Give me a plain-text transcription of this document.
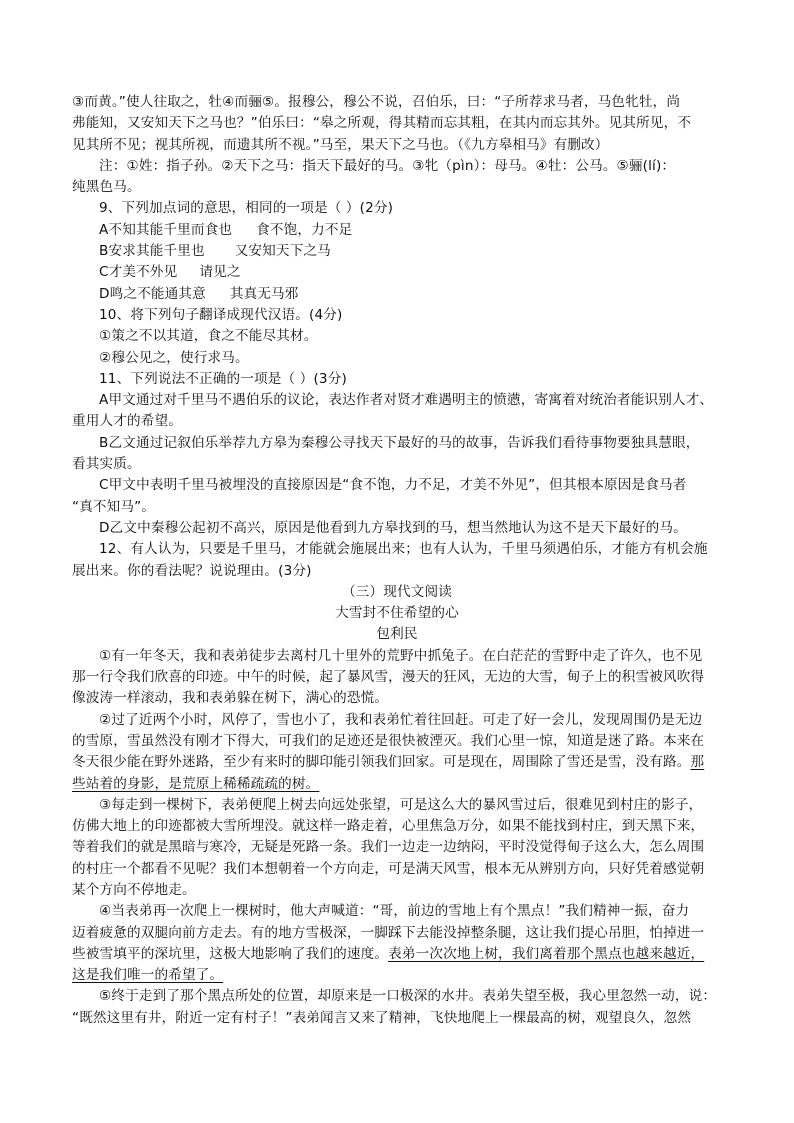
③而黄。”使人往取之，牡④而骊⑤。报穆公，穆公不说，召伯乐，曰：“子所荐求马者，马色牝牡，尚
弗能知，又安知天下之马也？”伯乐曰：“皋之所观，得其精而忘其粗，在其内而忘其外。见其所见，不
见其所不见；视其所视，而遗其所不视。”马至，果天下之马也。（《九方皋相马》有删改）
注：①姓：指子孙。②天下之马：指天下最好的马。③牝（pìn）：母马。④牡：公马。⑤骊(lí)：
纯黑色马。
9、下列加点词的意思，相同的一项是（ ）(2分)
A不知其能千里而食也 食不饱，力不足
B安求其能千里也 又安知天下之马
C才美不外见 请见之
D鸣之不能通其意 其真无马邪
10、将下列句子翻译成现代汉语。(4分)
①策之不以其道，食之不能尽其材。
②穆公见之，使行求马。
11、下列说法不正确的一项是（ ）(3分)
A甲文通过对千里马不遇伯乐的议论，表达作者对贤才难遇明主的愤懑，寄寓着对统治者能识别人才、
重用人才的希望。
B乙文通过记叙伯乐举荐九方皋为秦穆公寻找天下最好的马的故事，告诉我们看待事物要独具慧眼，
看其实质。
C甲文中表明千里马被埋没的直接原因是“食不饱，力不足，才美不外见”，但其根本原因是食马者
“真不知马”。
D乙文中秦穆公起初不高兴，原因是他看到九方皋找到的马，想当然地认为这不是天下最好的马。
12、有人认为，只要是千里马，才能就会施展出来；也有人认为，千里马须遇伯乐，才能方有机会施
展出来。你的看法呢？说说理由。(3分)
（三）现代文阅读
大雪封不住希望的心
包利民
①有一年冬天，我和表弟徒步去离村几十里外的荒野中抓兔子。在白茫茫的雪野中走了许久，也不见
那一行令我们欣喜的印迹。中午的时候，起了暴风雪，漫天的狂风，无边的大雪，甸子上的积雪被风吹得
像波涛一样滚动，我和表弟躲在树下，满心的恐慌。
②过了近两个小时，风停了，雪也小了，我和表弟忙着往回赶。可走了好一会儿，发现周围仍是无边
的雪原，雪虽然没有刚才下得大，可我们的足迹还是很快被湮灭。我们心里一惊，知道是迷了路。本来在
冬天很少能在野外迷路，至少有来时的脚印能引领我们回家。可是现在，周围除了雪还是雪，没有路。那
些站着的身影，是荒原上稀稀疏疏的树。
③每走到一棵树下，表弟便爬上树去向远处张望，可是这么大的暴风雪过后，很难见到村庄的影子，
仿佛大地上的印迹都被大雪所埋没。就这样一路走着，心里焦急万分，如果不能找到村庄，到天黑下来，
等着我们的就是黑暗与寒冷，无疑是死路一条。我们一边走一边纳闷，平时没觉得甸子这么大，怎么周围
的村庄一个都看不见呢？我们本想朝着一个方向走，可是满天风雪，根本无从辨别方向，只好凭着感觉朝
某个方向不停地走。
④当表弟再一次爬上一棵树时，他大声喊道：“哥，前边的雪地上有个黑点！”我们精神一振，奋力
迈着疲惫的双腿向前方走去。有的地方雪极深，一脚踩下去能没掉整条腿，这让我们提心吊胆，怕掉进一
些被雪填平的深坑里，这极大地影响了我们的速度。表弟一次次地上树，我们离着那个黑点也越来越近，
这是我们唯一的希望了。
⑤终于走到了那个黑点所处的位置，却原来是一口极深的水井。表弟失望至极，我心里忽然一动，说：
“既然这里有井，附近一定有村子！”表弟闻言又来了精神，飞快地爬上一棵最高的树，观望良久，忽然
